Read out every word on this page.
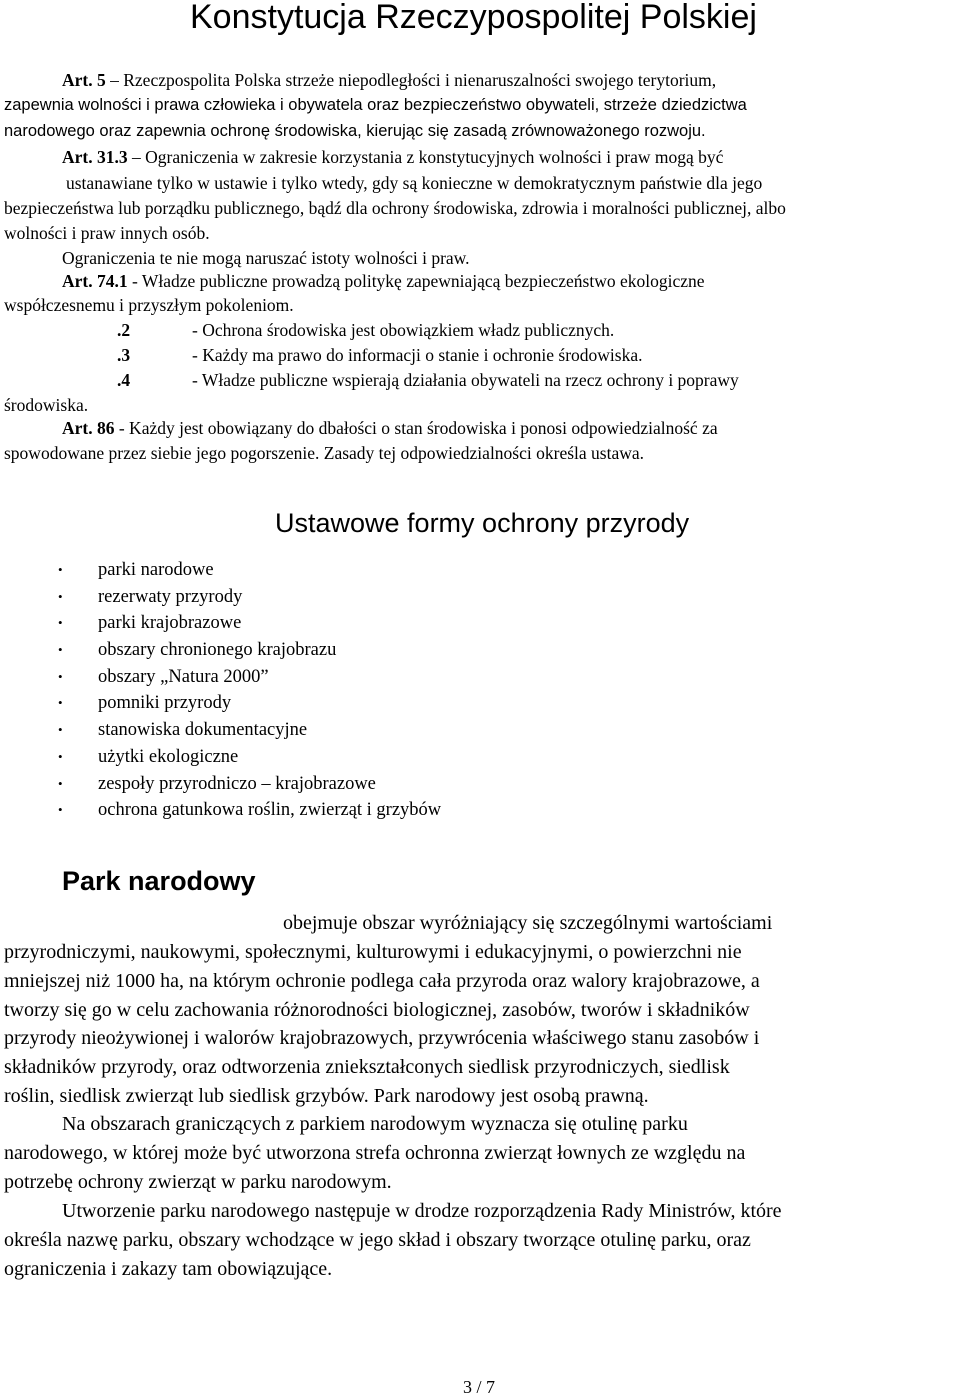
Konstytucja Rzeczypospolitej Polskiej
Art. 5 – Rzeczpospolita Polska strzeże niepodległości i nienaruszalności swojego terytorium,
zapewnia wolności i prawa człowieka i obywatela oraz bezpieczeństwo obywateli, strzeże dziedzictwa
narodowego oraz zapewnia ochronę środowiska, kierując się zasadą zrównoważonego rozwoju.
Art. 31.3 – Ograniczenia w zakresie korzystania z konstytucyjnych wolności i praw mogą być
ustanawiane tylko w ustawie i tylko wtedy, gdy są konieczne w demokratycznym państwie dla jego
bezpieczeństwa lub porządku publicznego, bądź dla ochrony środowiska, zdrowia i moralności publicznej, albo
wolności i praw innych osób.
Ograniczenia te nie mogą naruszać istoty wolności i praw.
Art. 74.1 - Władze publiczne prowadzą politykę zapewniającą bezpieczeństwo ekologiczne
współczesnemu i przyszłym pokoleniom.
.2	- Ochrona środowiska jest obowiązkiem władz publicznych.
.3	- Każdy ma prawo do informacji o stanie i ochronie środowiska.
.4	- Władze publiczne wspierają działania obywateli na rzecz ochrony i poprawy
środowiska.
Art. 86 - Każdy jest obowiązany do dbałości o stan środowiska i ponosi odpowiedzialność za
spowodowane przez siebie jego pogorszenie. Zasady tej odpowiedzialności określa ustawa.
Ustawowe formy ochrony przyrody
• parki narodowe
• rezerwaty przyrody
• parki krajobrazowe
• obszary chronionego krajobrazu
• obszary „Natura 2000”
• pomniki przyrody
• stanowiska dokumentacyjne
• użytki ekologiczne
• zespoły przyrodniczo – krajobrazowe
• ochrona gatunkowa roślin, zwierząt i grzybów
Park narodowy
obejmuje obszar wyróżniający się szczególnymi wartościami
przyrodniczymi, naukowymi, społecznymi, kulturowymi i edukacyjnymi, o powierzchni nie
mniejszej niż 1000 ha, na którym ochronie podlega cała przyroda oraz walory krajobrazowe, a
tworzy się go w celu zachowania różnorodności biologicznej, zasobów, tworów i składników
przyrody nieożywionej i walorów krajobrazowych, przywrócenia właściwego stanu zasobów i
składników przyrody, oraz odtworzenia zniekształconych siedlisk przyrodniczych, siedlisk
roślin, siedlisk zwierząt lub siedlisk grzybów. Park narodowy jest osobą prawną.
Na obszarach graniczących z parkiem narodowym wyznacza się otulinę parku
narodowego, w której może być utworzona strefa ochronna zwierząt łownych ze względu na
potrzebę ochrony zwierząt w parku narodowym.
Utworzenie parku narodowego następuje w drodze rozporządzenia Rady Ministrów, które
określa nazwę parku, obszary wchodzące w jego skład i obszary tworzące otulinę parku, oraz
ograniczenia i zakazy tam obowiązujące.
3 / 7
